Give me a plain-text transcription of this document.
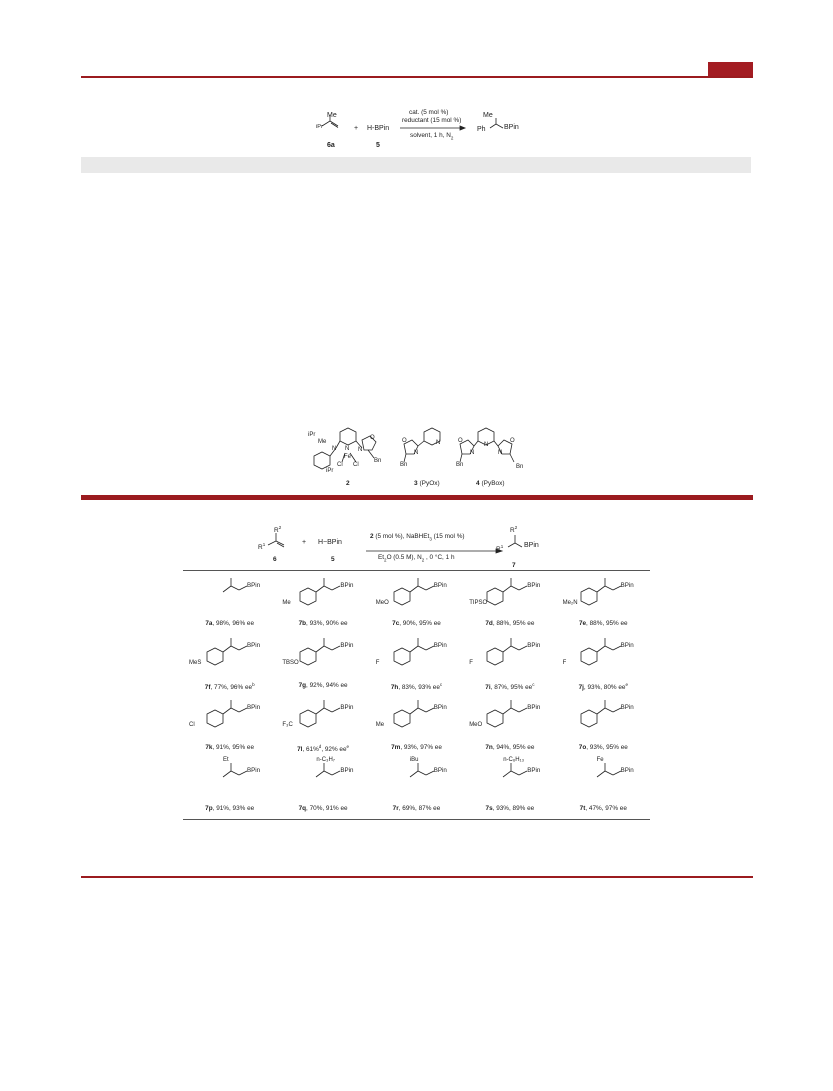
Me
iPr
6a
+ H-BPin
5
cat. (5 mol %)
reductant (15 mol %)
solvent, 1 h, $N_2$
Me
Ph	BPin
iPr
Me
N N N
O
Fe
Cl Cl
Bn
iPr
2
O
N
N
Bn
3 (PyOx)
O
N
N
N
O
Bn	Bn
4 (PyBox)
$R^2$
$R^1$
6
+ H−BPin
5
2 (5 mol %), NaBHEt$_3$ (15 mol %)
$Et_2O$ (0.5 M), $N_2$ , 0 °C, 1 h
$R^2$
$R^1$	BPin
7
BPin
7a, 98%, 96% ee
BPin
Me
7b, 93%, 90% ee
BPin
MeO
7c, 90%, 95% ee
BPin
TIPSO
7d, 88%, 95% ee
BPin
Me₂N
7e, 88%, 95% ee
BPin
MeS
7f, 77%, 96% $ee^b$
BPin
TBSO
7g, 92%, 94% ee
BPin
F
7h, 83%, 93% $ee^c$
BPin
F
7i, 87%, 95% $ee^c$
BPin
F
7j, 93%, 80% $ee^e$
BPin
Cl
7k, 91%, 95% ee
BPin
F₃C
7l, 61%$^d$, 92% $ee^e$
BPin
Me
7m, 93%, 97% ee
BPin
MeO
7n, 94%, 95% ee
BPin
7o, 93%, 95% ee
BPin
Et
7p, 91%, 93% ee
BPin
n-C₃H₇
7q, 70%, 91% ee
BPin
iBu
7r, 69%, 87% ee
BPin
n-C₆H₁₃
7s, 93%, 89% ee
BPin
Fe
7t, 47%, 97% ee
